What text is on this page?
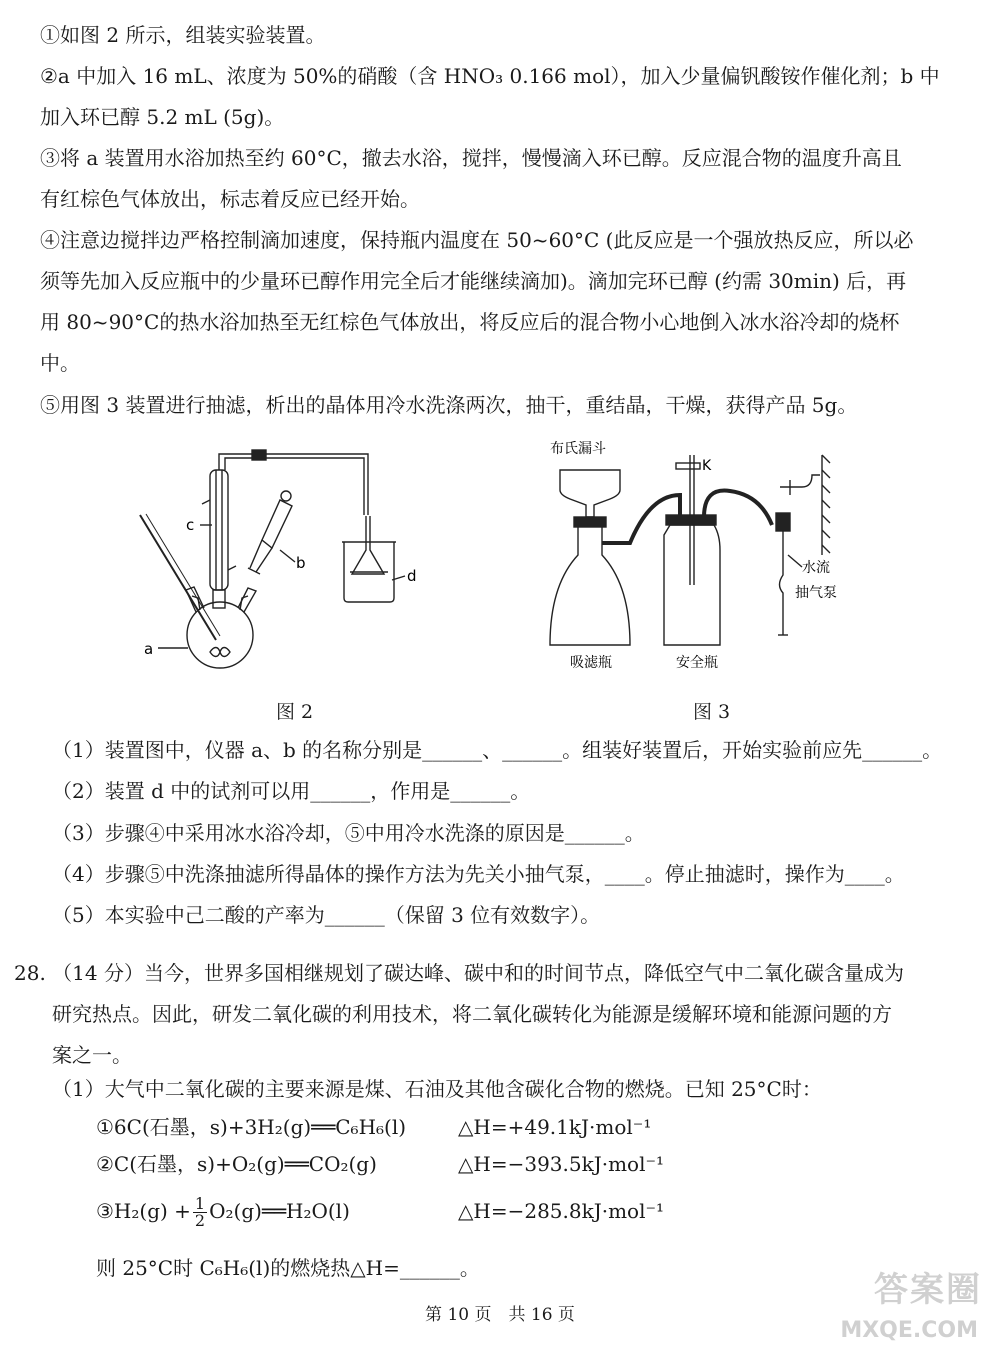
①如图 2 所示，组装实验装置。
②a 中加入 16 mL、浓度为 50%的硝酸（含 HNO₃ 0.166 mol），加入少量偏钒酸铵作催化剂；b 中
加入环已醇 5.2 mL (5g)。
③将 a 装置用水浴加热至约 60°C，撤去水浴，搅拌，慢慢滴入环已醇。反应混合物的温度升高且
有红棕色气体放出，标志着反应已经开始。
④注意边搅拌边严格控制滴加速度，保持瓶内温度在 50~60°C (此反应是一个强放热反应，所以必
须等先加入反应瓶中的少量环已醇作用完全后才能继续滴加)。滴加完环已醇 (约需 30min) 后，再
用 80~90°C的热水浴加热至无红棕色气体放出，将反应后的混合物小心地倒入冰水浴冷却的烧杯
中。
⑤用图 3 装置进行抽滤，析出的晶体用冷水洗涤两次，抽干，重结晶，干燥，获得产品 5g。
a
c
b
d
布氏漏斗
K
吸滤瓶	安全瓶
水流
抽气泵
图 2	图 3
（1）装置图中，仪器 a、b 的名称分别是______、______。组装好装置后，开始实验前应先______。
（2）装置 d 中的试剂可以用______，作用是______。
（3）步骤④中采用冰水浴冷却，⑤中用冷水洗涤的原因是______。
（4）步骤⑤中洗涤抽滤所得晶体的操作方法为先关小抽气泵，____。停止抽滤时，操作为____。
（5）本实验中己二酸的产率为______（保留 3 位有效数字）。
28. （14 分）当今，世界多国相继规划了碳达峰、碳中和的时间节点，降低空气中二氧化碳含量成为
研究热点。因此，研发二氧化碳的利用技术，将二氧化碳转化为能源是缓解环境和能源问题的方
案之一。
（1）大气中二氧化碳的主要来源是煤、石油及其他含碳化合物的燃烧。已知 25°C时：
①6C(石墨，s)+3H₂(g)══C₆H₆(l)	△H=+49.1kJ·mol⁻¹
②C(石墨，s)+O₂(g)══CO₂(g)	△H=−393.5kJ·mol⁻¹
③H₂(g) + $\frac{1}{2}$ O₂(g)══H₂O(l)	△H=−285.8kJ·mol⁻¹
则 25°C时 C₆H₆(l)的燃烧热△H=______。
第 10 页　共 16 页
答案圈
MXQE.COM
